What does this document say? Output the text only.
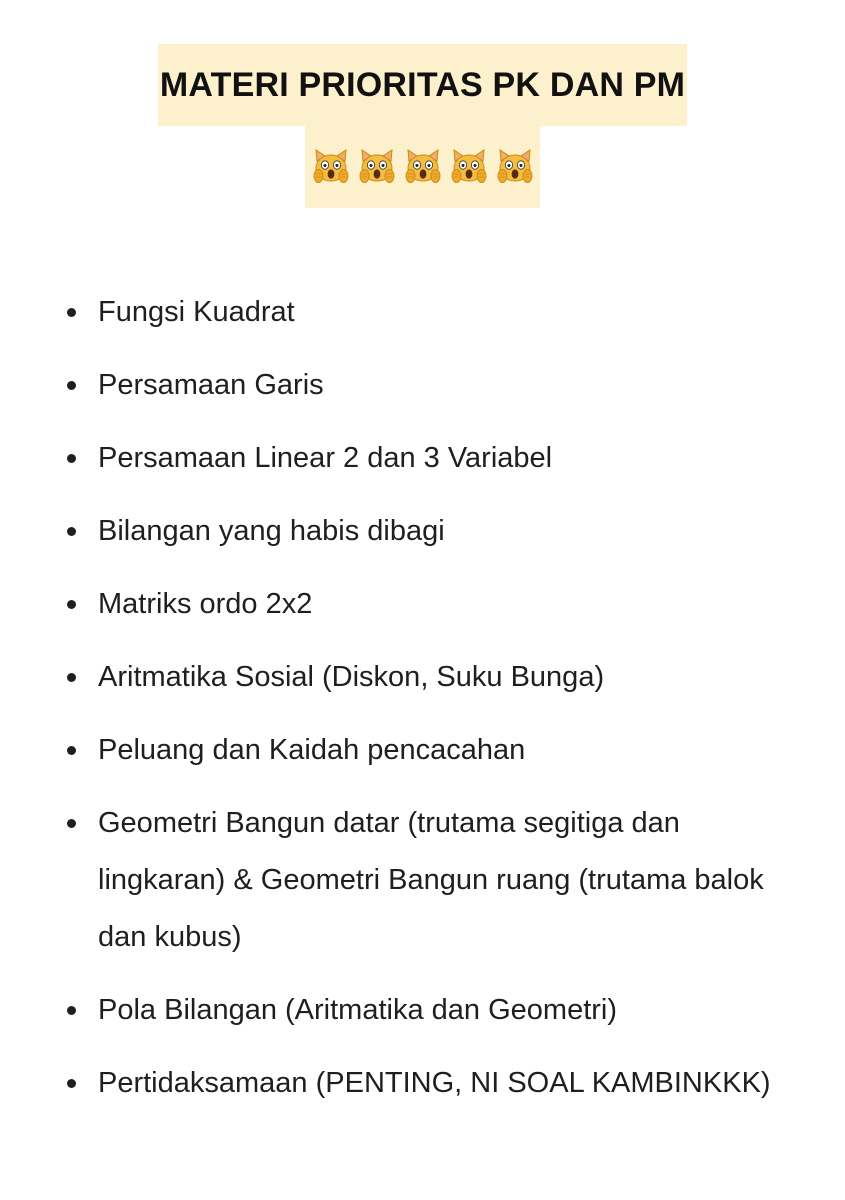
MATERI PRIORITAS PK DAN PM
Fungsi Kuadrat
Persamaan Garis
Persamaan Linear 2 dan 3 Variabel
Bilangan yang habis dibagi
Matriks ordo 2x2
Aritmatika Sosial (Diskon, Suku Bunga)
Peluang dan Kaidah pencacahan
Geometri Bangun datar (trutama segitiga dan lingkaran) & Geometri Bangun ruang (trutama balok dan kubus)
Pola Bilangan (Aritmatika dan Geometri)
Pertidaksamaan (PENTING, NI SOAL KAMBINKKK)
